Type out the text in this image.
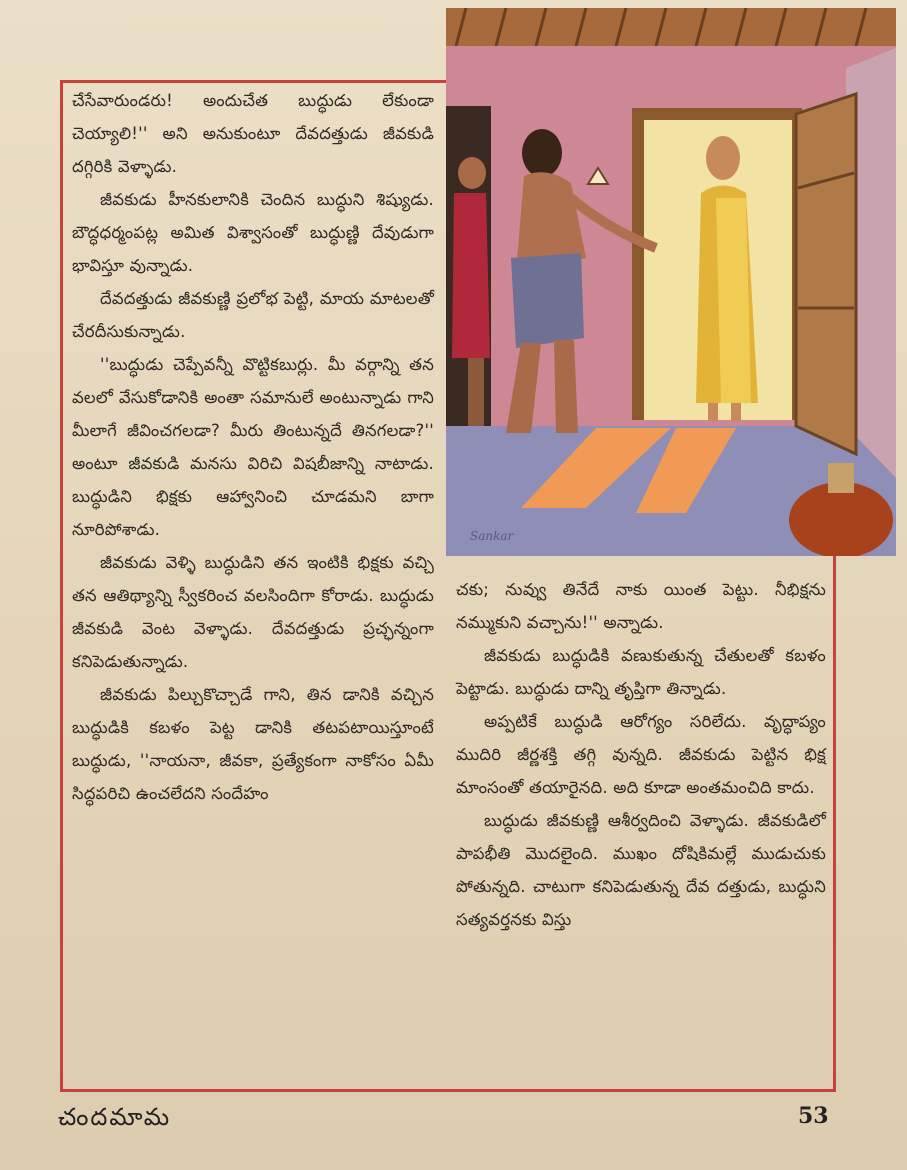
చేసేవారుండరు! అందుచేత బుద్ధుడు లేకుండా చెయ్యాలి!'' అని అనుకుంటూ దేవదత్తుడు జీవకుడి దగ్గిరికి వెళ్ళాడు.

జీవకుడు హీనకులానికి చెందిన బుద్ధుని శిష్యుడు. బౌద్ధధర్మంపట్ల అమిత విశ్వాసంతో బుద్ధుణ్ణి దేవుడుగా భావిస్తూ వున్నాడు.

దేవదత్తుడు జీవకుణ్ణి ప్రలోభ పెట్టి, మాయ మాటలతో చేరదీసుకున్నాడు.

''బుద్ధుడు చెప్పేవన్నీ వొట్టికబుర్లు. మీ వర్గాన్ని తన వలలో వేసుకోడానికి అంతా సమానులే అంటున్నాడు గాని మీలాగే జీవించగలడా? మీరు తింటున్నదే తినగలడా?'' అంటూ జీవకుడి మనసు విరిచి విషబీజాన్ని నాటాడు. బుద్ధుడిని భిక్షకు ఆహ్వానించి చూడమని బాగా నూరిపోశాడు.

జీవకుడు వెళ్ళి బుద్ధుడిని తన ఇంటికి భిక్షకు వచ్చి తన ఆతిథ్యాన్ని స్వీకరించ వలసిందిగా కోరాడు. బుద్ధుడు జీవకుడి వెంట వెళ్ళాడు. దేవదత్తుడు ప్రచ్ఛన్నంగా కనిపెడుతున్నాడు.

జీవకుడు పిల్చుకొచ్చాడే గాని, తిన డానికి వచ్చిన బుద్ధుడికి కబళం పెట్ట డానికి తటపటాయిస్తూంటే బుద్ధుడు, ''నాయనా, జీవకా, ప్రత్యేకంగా నాకోసం ఏమీ సిద్ధపరిచి ఉంచలేదని సందేహం

చకు; నువ్వు తినేదే నాకు యింత పెట్టు. నీభిక్షను నమ్ముకుని వచ్చాను!'' అన్నాడు.

జీవకుడు బుద్ధుడికి వణుకుతున్న చేతులతో కబళం పెట్టాడు. బుద్ధుడు దాన్ని తృప్తిగా తిన్నాడు.

అప్పటికే బుద్ధుడి ఆరోగ్యం సరిలేదు. వృద్ధాప్యం ముదిరి జీర్ణశక్తి తగ్గి వున్నది. జీవకుడు పెట్టిన భిక్ష మాంసంతో తయారైనది. అది కూడా అంతమంచిది కాదు.

బుద్ధుడు జీవకుణ్ణి ఆశీర్వదించి వెళ్ళాడు. జీవకుడిలో పాపభీతి మొదలైంది. ముఖం దోషికిమల్లే ముడుచుకు పోతున్నది. చాటుగా కనిపెడుతున్న దేవ దత్తుడు, బుద్ధుని సత్యవర్తనకు విస్తు

Sankar
చందమామ	53
